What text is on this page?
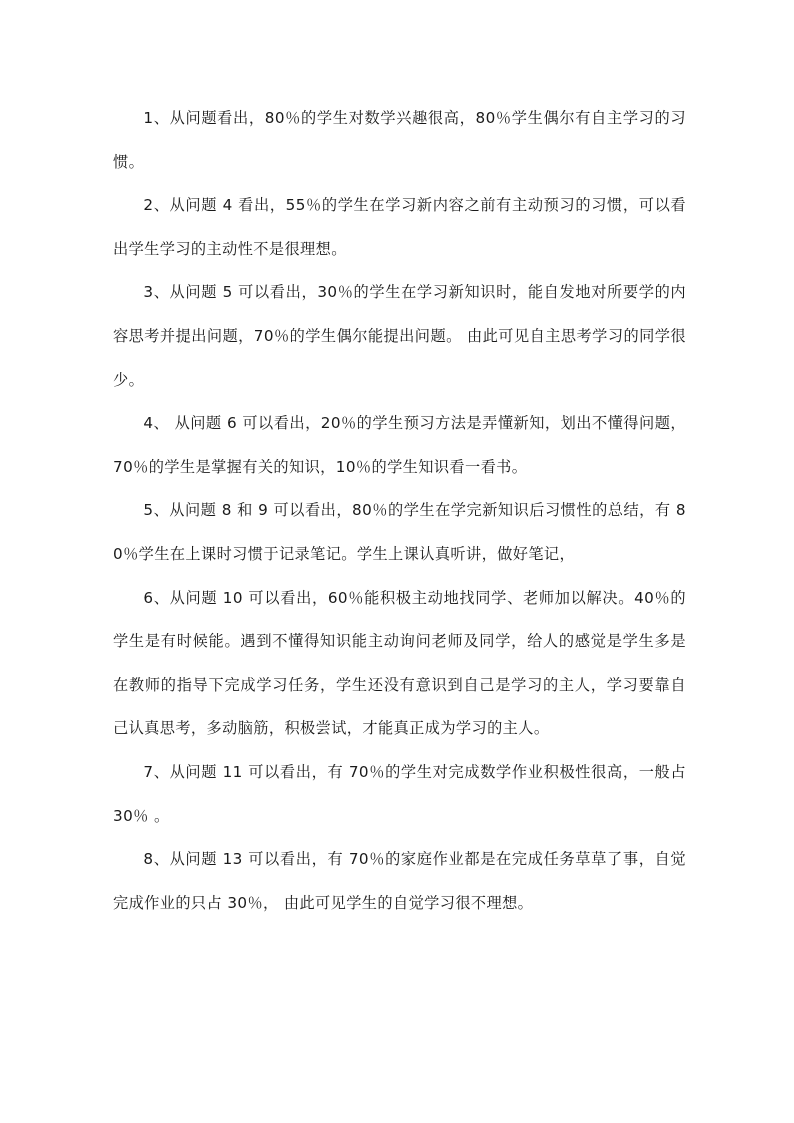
1、从问题看出，80％的学生对数学兴趣很高，80％学生偶尔有自主学习的习惯。

2、从问题 4 看出，55％的学生在学习新内容之前有主动预习的习惯，可以看出学生学习的主动性不是很理想。

3、从问题 5 可以看出，30％的学生在学习新知识时，能自发地对所要学的内容思考并提出问题，70％的学生偶尔能提出问题。 由此可见自主思考学习的同学很少。

4、 从问题 6 可以看出，20％的学生预习方法是弄懂新知，划出不懂得问题，70％的学生是掌握有关的知识，10％的学生知识看一看书。

5、从问题 8 和 9 可以看出，80％的学生在学完新知识后习惯性的总结，有 80％学生在上课时习惯于记录笔记。学生上课认真听讲，做好笔记，

6、从问题 10 可以看出，60％能积极主动地找同学、老师加以解决。40％的学生是有时候能。遇到不懂得知识能主动询问老师及同学，给人的感觉是学生多是在教师的指导下完成学习任务，学生还没有意识到自己是学习的主人，学习要靠自己认真思考，多动脑筋，积极尝试，才能真正成为学习的主人。

7、从问题 11 可以看出，有 70％的学生对完成数学作业积极性很高，一般占 30％ 。

8、从问题 13 可以看出，有 70％的家庭作业都是在完成任务草草了事，自觉完成作业的只占 30％， 由此可见学生的自觉学习很不理想。
